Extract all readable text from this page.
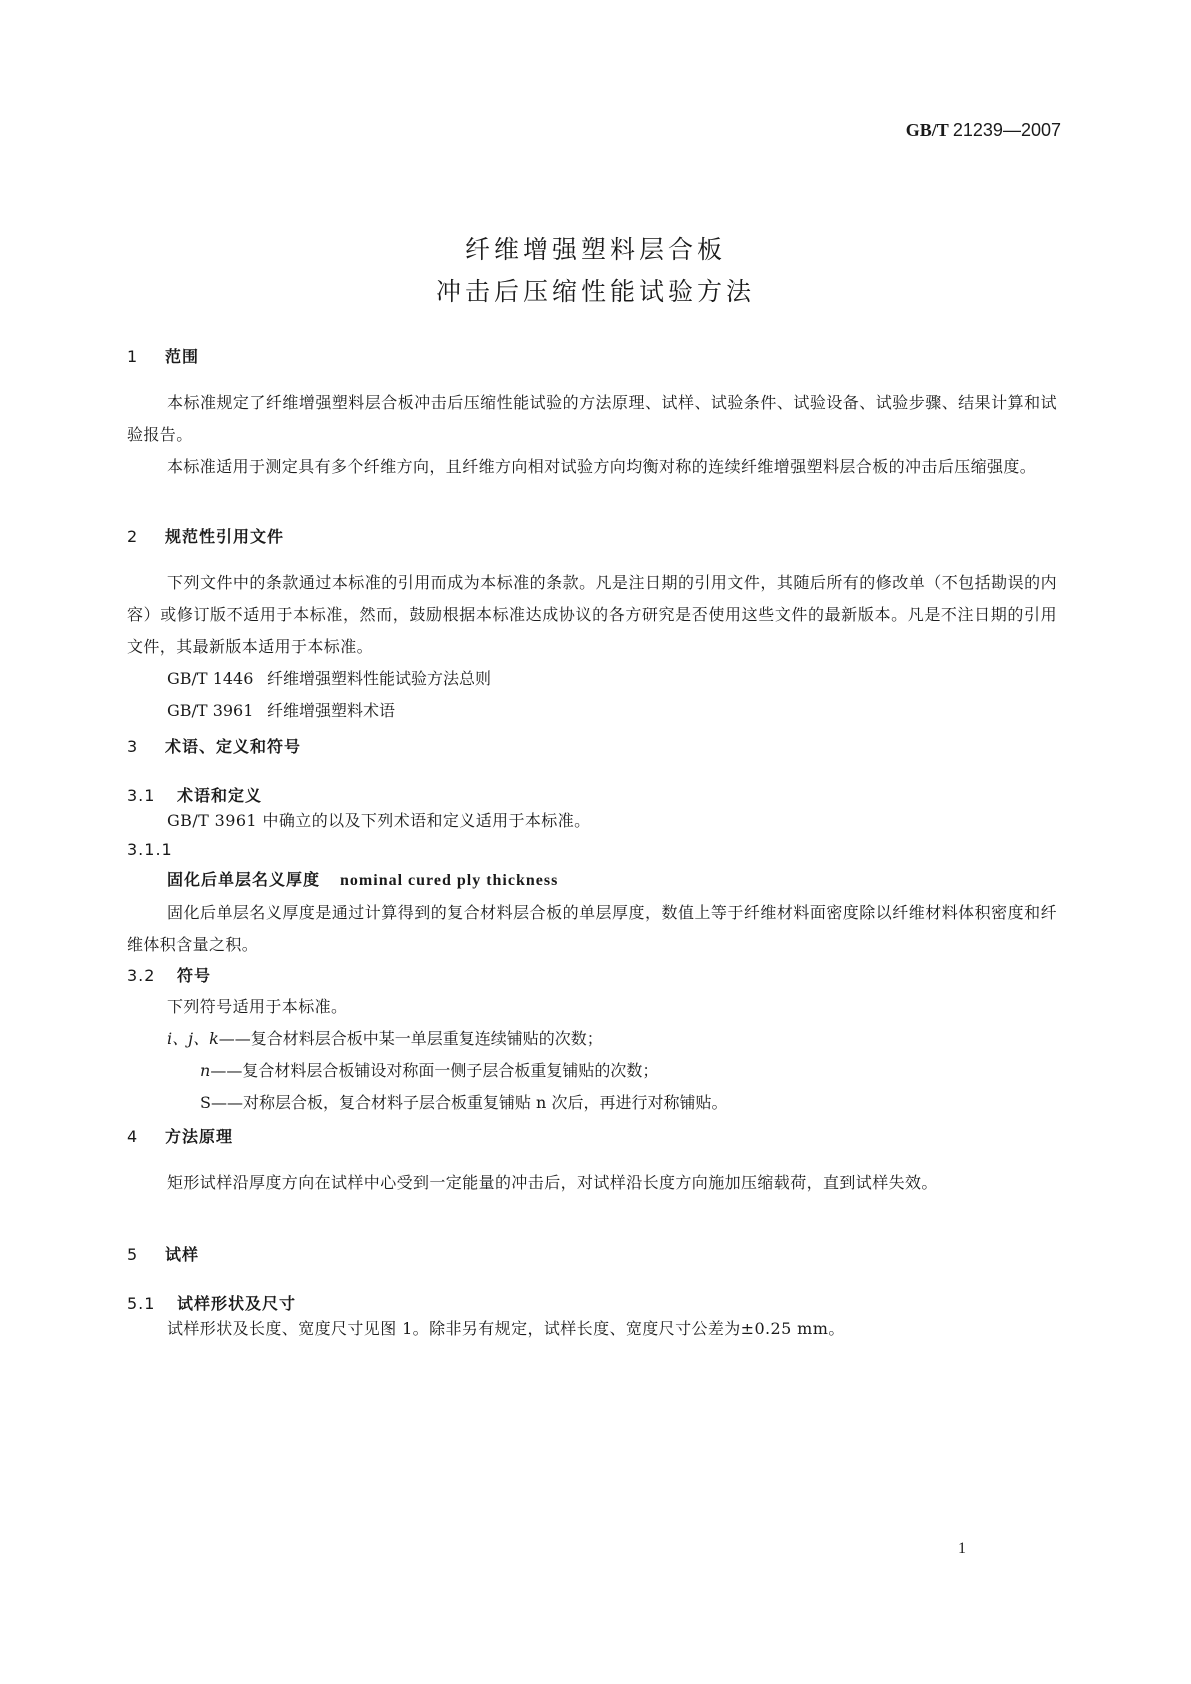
GB/T 21239—2007
纤维增强塑料层合板
冲击后压缩性能试验方法
1 范围
本标准规定了纤维增强塑料层合板冲击后压缩性能试验的方法原理、试样、试验条件、试验设备、试验步骤、结果计算和试验报告。
本标准适用于测定具有多个纤维方向，且纤维方向相对试验方向均衡对称的连续纤维增强塑料层合板的冲击后压缩强度。
2 规范性引用文件
下列文件中的条款通过本标准的引用而成为本标准的条款。凡是注日期的引用文件，其随后所有的修改单（不包括勘误的内容）或修订版不适用于本标准，然而，鼓励根据本标准达成协议的各方研究是否使用这些文件的最新版本。凡是不注日期的引用文件，其最新版本适用于本标准。
GB/T 1446 纤维增强塑料性能试验方法总则
GB/T 3961 纤维增强塑料术语
3 术语、定义和符号
3.1 术语和定义
GB/T 3961 中确立的以及下列术语和定义适用于本标准。
3.1.1
固化后单层名义厚度 nominal cured ply thickness
固化后单层名义厚度是通过计算得到的复合材料层合板的单层厚度，数值上等于纤维材料面密度除以纤维材料体积密度和纤维体积含量之积。
3.2 符号
下列符号适用于本标准。
i、j、k——复合材料层合板中某一单层重复连续铺贴的次数；
n——复合材料层合板铺设对称面一侧子层合板重复铺贴的次数；
S——对称层合板，复合材料子层合板重复铺贴 n 次后，再进行对称铺贴。
4 方法原理
矩形试样沿厚度方向在试样中心受到一定能量的冲击后，对试样沿长度方向施加压缩载荷，直到试样失效。
5 试样
5.1 试样形状及尺寸
试样形状及长度、宽度尺寸见图 1。除非另有规定，试样长度、宽度尺寸公差为±0.25 mm。
1
